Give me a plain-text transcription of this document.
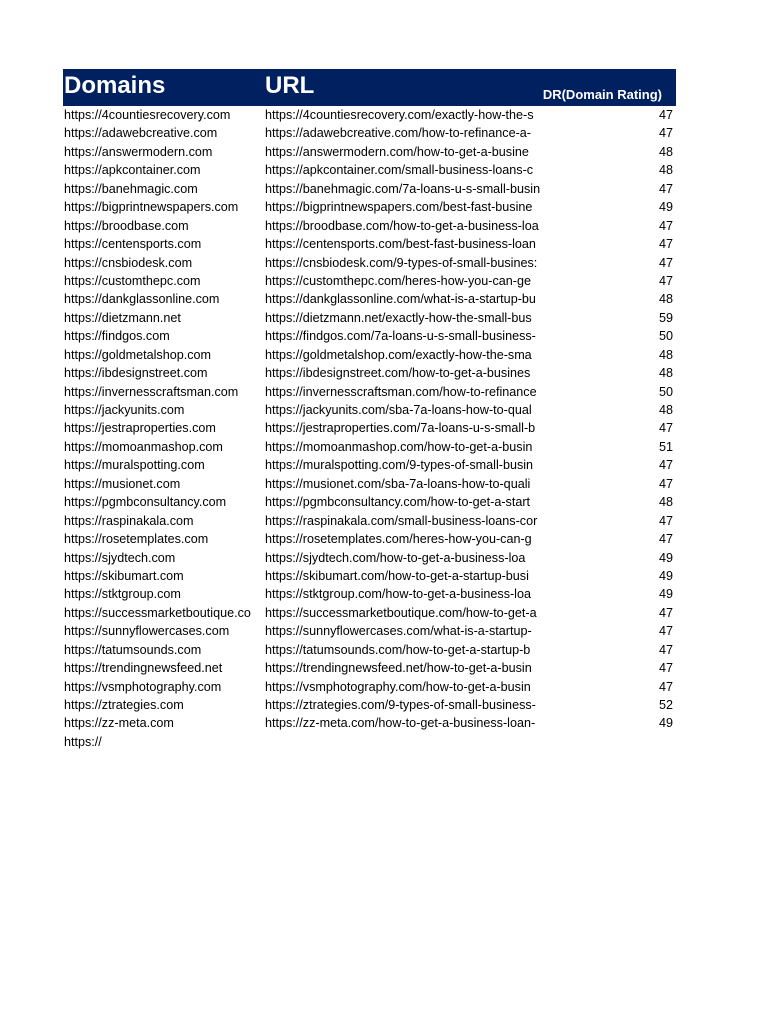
Domains	URL	DR(Domain Rating)
https://4countiesrecovery.com	https://4countiesrecovery.com/exactly-how-the-s	47
https://adawebcreative.com	https://adawebcreative.com/how-to-refinance-a-	47
https://answermodern.com	https://answermodern.com/how-to-get-a-busine	48
https://apkcontainer.com	https://apkcontainer.com/small-business-loans-c	48
https://banehmagic.com	https://banehmagic.com/7a-loans-u-s-small-busin	47
https://bigprintnewspapers.com	https://bigprintnewspapers.com/best-fast-busine	49
https://broodbase.com	https://broodbase.com/how-to-get-a-business-loa	47
https://centensports.com	https://centensports.com/best-fast-business-loan	47
https://cnsbiodesk.com	https://cnsbiodesk.com/9-types-of-small-busines:	47
https://customthepc.com	https://customthepc.com/heres-how-you-can-ge	47
https://dankglassonline.com	https://dankglassonline.com/what-is-a-startup-bu	48
https://dietzmann.net	https://dietzmann.net/exactly-how-the-small-bus	59
https://findgos.com	https://findgos.com/7a-loans-u-s-small-business-	50
https://goldmetalshop.com	https://goldmetalshop.com/exactly-how-the-sma	48
https://ibdesignstreet.com	https://ibdesignstreet.com/how-to-get-a-busines	48
https://invernesscraftsman.com	https://invernesscraftsman.com/how-to-refinance	50
https://jackyunits.com	https://jackyunits.com/sba-7a-loans-how-to-qual	48
https://jestraproperties.com	https://jestraproperties.com/7a-loans-u-s-small-b	47
https://momoanmashop.com	https://momoanmashop.com/how-to-get-a-busin	51
https://muralspotting.com	https://muralspotting.com/9-types-of-small-busin	47
https://musionet.com	https://musionet.com/sba-7a-loans-how-to-quali	47
https://pgmbconsultancy.com	https://pgmbconsultancy.com/how-to-get-a-start	48
https://raspinakala.com	https://raspinakala.com/small-business-loans-cor	47
https://rosetemplates.com	https://rosetemplates.com/heres-how-you-can-g	47
https://sjydtech.com	https://sjydtech.com/how-to-get-a-business-loa	49
https://skibumart.com	https://skibumart.com/how-to-get-a-startup-busi	49
https://stktgroup.com	https://stktgroup.com/how-to-get-a-business-loa	49
https://successmarketboutique.co	https://successmarketboutique.com/how-to-get-a	47
https://sunnyflowercases.com	https://sunnyflowercases.com/what-is-a-startup-	47
https://tatumsounds.com	https://tatumsounds.com/how-to-get-a-startup-b	47
https://trendingnewsfeed.net	https://trendingnewsfeed.net/how-to-get-a-busin	47
https://vsmphotography.com	https://vsmphotography.com/how-to-get-a-busin	47
https://ztrategies.com	https://ztrategies.com/9-types-of-small-business-	52
https://zz-meta.com	https://zz-meta.com/how-to-get-a-business-loan-	49
https://
